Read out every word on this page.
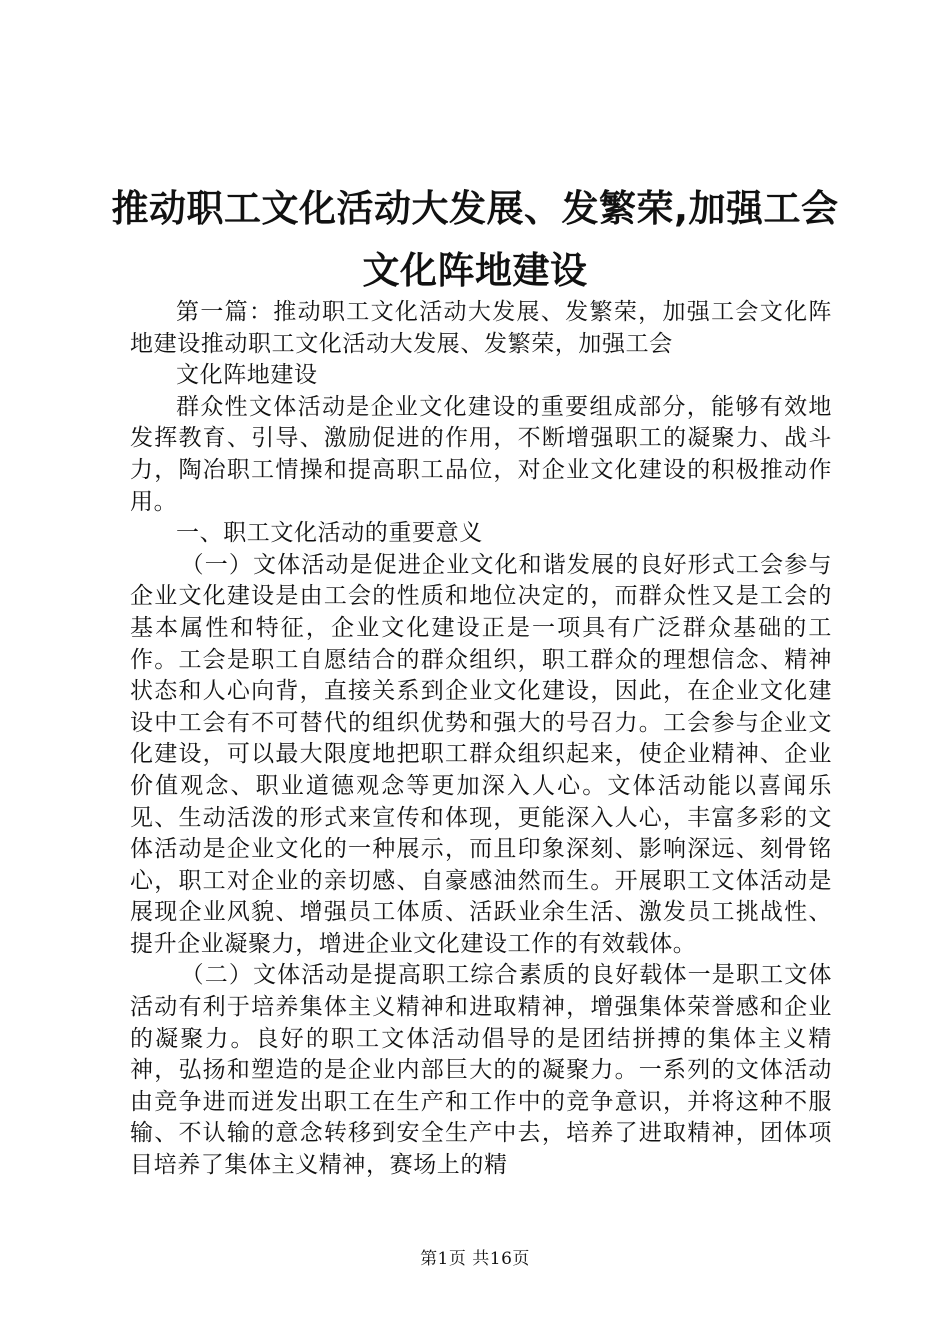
推动职工文化活动大发展、发繁荣,加强工会
文化阵地建设

第一篇：推动职工文化活动大发展、发繁荣，加强工会文化阵地建设推动职工文化活动大发展、发繁荣，加强工会

文化阵地建设

群众性文体活动是企业文化建设的重要组成部分，能够有效地发挥教育、引导、激励促进的作用，不断增强职工的凝聚力、战斗力，陶冶职工情操和提高职工品位，对企业文化建设的积极推动作用。

一、职工文化活动的重要意义

（一）文体活动是促进企业文化和谐发展的良好形式工会参与企业文化建设是由工会的性质和地位决定的，而群众性又是工会的基本属性和特征，企业文化建设正是一项具有广泛群众基础的工作。工会是职工自愿结合的群众组织，职工群众的理想信念、精神状态和人心向背，直接关系到企业文化建设，因此，在企业文化建设中工会有不可替代的组织优势和强大的号召力。工会参与企业文化建设，可以最大限度地把职工群众组织起来，使企业精神、企业价值观念、职业道德观念等更加深入人心。文体活动能以喜闻乐见、生动活泼的形式来宣传和体现，更能深入人心，丰富多彩的文体活动是企业文化的一种展示，而且印象深刻、影响深远、刻骨铭心，职工对企业的亲切感、自豪感油然而生。开展职工文体活动是展现企业风貌、增强员工体质、活跃业余生活、激发员工挑战性、提升企业凝聚力，增进企业文化建设工作的有效载体。

（二）文体活动是提高职工综合素质的良好载体一是职工文体活动有利于培养集体主义精神和进取精神，增强集体荣誉感和企业的凝聚力。良好的职工文体活动倡导的是团结拼搏的集体主义精神，弘扬和塑造的是企业内部巨大的的凝聚力。一系列的文体活动由竞争进而迸发出职工在生产和工作中的竞争意识，并将这种不服输、不认输的意念转移到安全生产中去，培养了进取精神，团体项目培养了集体主义精神，赛场上的精

第1页 共16页
